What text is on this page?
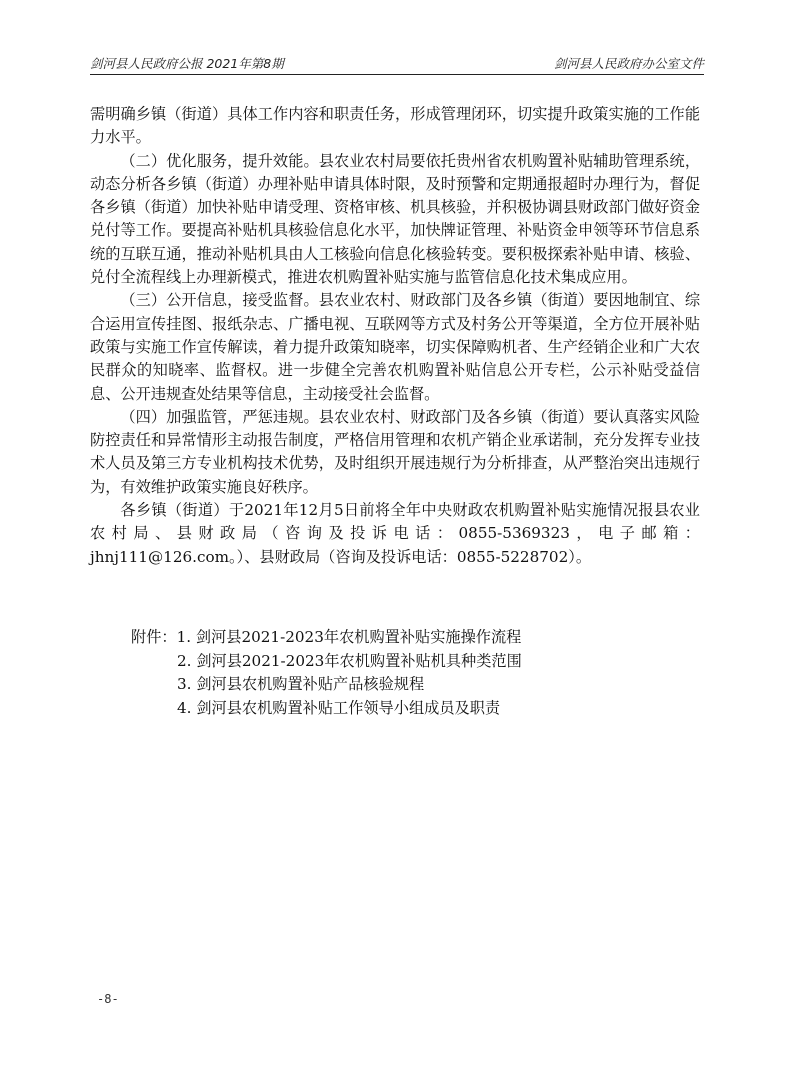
剑河县人民政府公报 2021年第8期	剑河县人民政府办公室文件

需明确乡镇（街道）具体工作内容和职责任务，形成管理闭环，切实提升政策实施的工作能力水平。

（二）优化服务，提升效能。县农业农村局要依托贵州省农机购置补贴辅助管理系统，动态分析各乡镇（街道）办理补贴申请具体时限，及时预警和定期通报超时办理行为，督促各乡镇（街道）加快补贴申请受理、资格审核、机具核验，并积极协调县财政部门做好资金兑付等工作。要提高补贴机具核验信息化水平，加快牌证管理、补贴资金申领等环节信息系统的互联互通，推动补贴机具由人工核验向信息化核验转变。要积极探索补贴申请、核验、兑付全流程线上办理新模式，推进农机购置补贴实施与监管信息化技术集成应用。

（三）公开信息，接受监督。县农业农村、财政部门及各乡镇（街道）要因地制宜、综合运用宣传挂图、报纸杂志、广播电视、互联网等方式及村务公开等渠道，全方位开展补贴政策与实施工作宣传解读，着力提升政策知晓率，切实保障购机者、生产经销企业和广大农民群众的知晓率、监督权。进一步健全完善农机购置补贴信息公开专栏，公示补贴受益信息、公开违规查处结果等信息，主动接受社会监督。

（四）加强监管，严惩违规。县农业农村、财政部门及各乡镇（街道）要认真落实风险防控责任和异常情形主动报告制度，严格信用管理和农机产销企业承诺制，充分发挥专业技术人员及第三方专业机构技术优势，及时组织开展违规行为分析排查，从严整治突出违规行为，有效维护政策实施良好秩序。

各乡镇（街道）于2021年12月5日前将全年中央财政农机购置补贴实施情况报县农业农村局、县财政局（咨询及投诉电话：0855-5369323，电子邮箱：jhnj111@126.com。）、县财政局（咨询及投诉电话：0855-5228702）。

附件：1. 剑河县2021-2023年农机购置补贴实施操作流程
2. 剑河县2021-2023年农机购置补贴机具种类范围
3. 剑河县农机购置补贴产品核验规程
4. 剑河县农机购置补贴工作领导小组成员及职责
-8-
